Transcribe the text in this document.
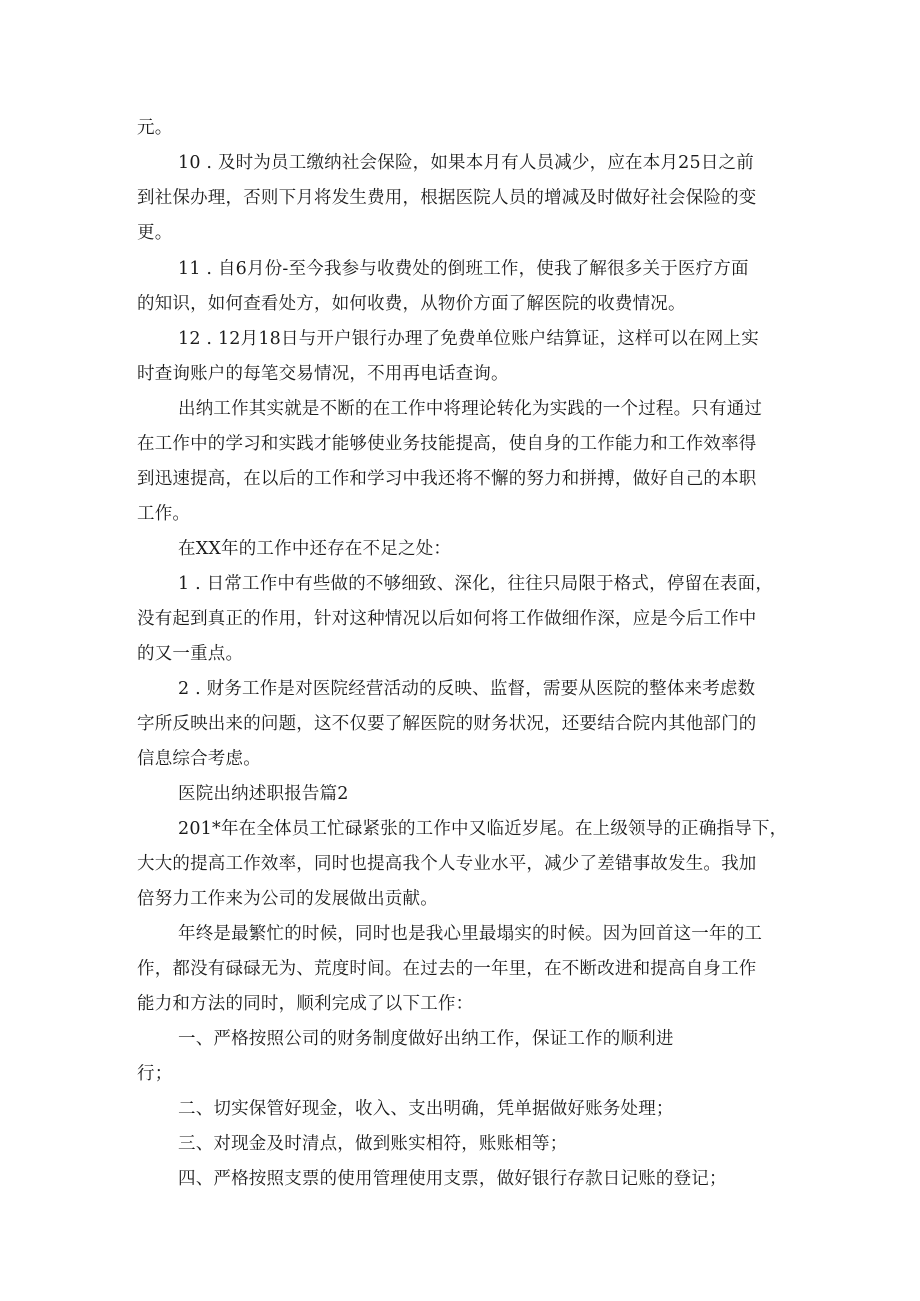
元。
10 . 及时为员工缴纳社会保险，如果本月有人员减少，应在本月25日之前
到社保办理，否则下月将发生费用，根据医院人员的增减及时做好社会保险的变
更。
11 . 自6月份-至今我参与收费处的倒班工作，使我了解很多关于医疗方面
的知识，如何查看处方，如何收费，从物价方面了解医院的收费情况。
12 . 12月18日与开户银行办理了免费单位账户结算证，这样可以在网上实
时查询账户的每笔交易情况，不用再电话查询。
出纳工作其实就是不断的在工作中将理论转化为实践的一个过程。只有通过
在工作中的学习和实践才能够使业务技能提高，使自身的工作能力和工作效率得
到迅速提高，在以后的工作和学习中我还将不懈的努力和拼搏，做好自己的本职
工作。
在XX年的工作中还存在不足之处：
1 . 日常工作中有些做的不够细致、深化，往往只局限于格式，停留在表面，
没有起到真正的作用，针对这种情况以后如何将工作做细作深，应是今后工作中
的又一重点。
2 . 财务工作是对医院经营活动的反映、监督，需要从医院的整体来考虑数
字所反映出来的问题，这不仅要了解医院的财务状况，还要结合院内其他部门的
信息综合考虑。
医院出纳述职报告篇2
201*年在全体员工忙碌紧张的工作中又临近岁尾。在上级领导的正确指导下，
大大的提高工作效率，同时也提高我个人专业水平，减少了差错事故发生。我加
倍努力工作来为公司的发展做出贡献。
年终是最繁忙的时候，同时也是我心里最塌实的时候。因为回首这一年的工
作，都没有碌碌无为、荒度时间。在过去的一年里，在不断改进和提高自身工作
能力和方法的同时，顺利完成了以下工作：
一、严格按照公司的财务制度做好出纳工作，保证工作的顺利进
行；
二、切实保管好现金，收入、支出明确，凭单据做好账务处理；
三、对现金及时清点，做到账实相符，账账相等；
四、严格按照支票的使用管理使用支票，做好银行存款日记账的登记；
